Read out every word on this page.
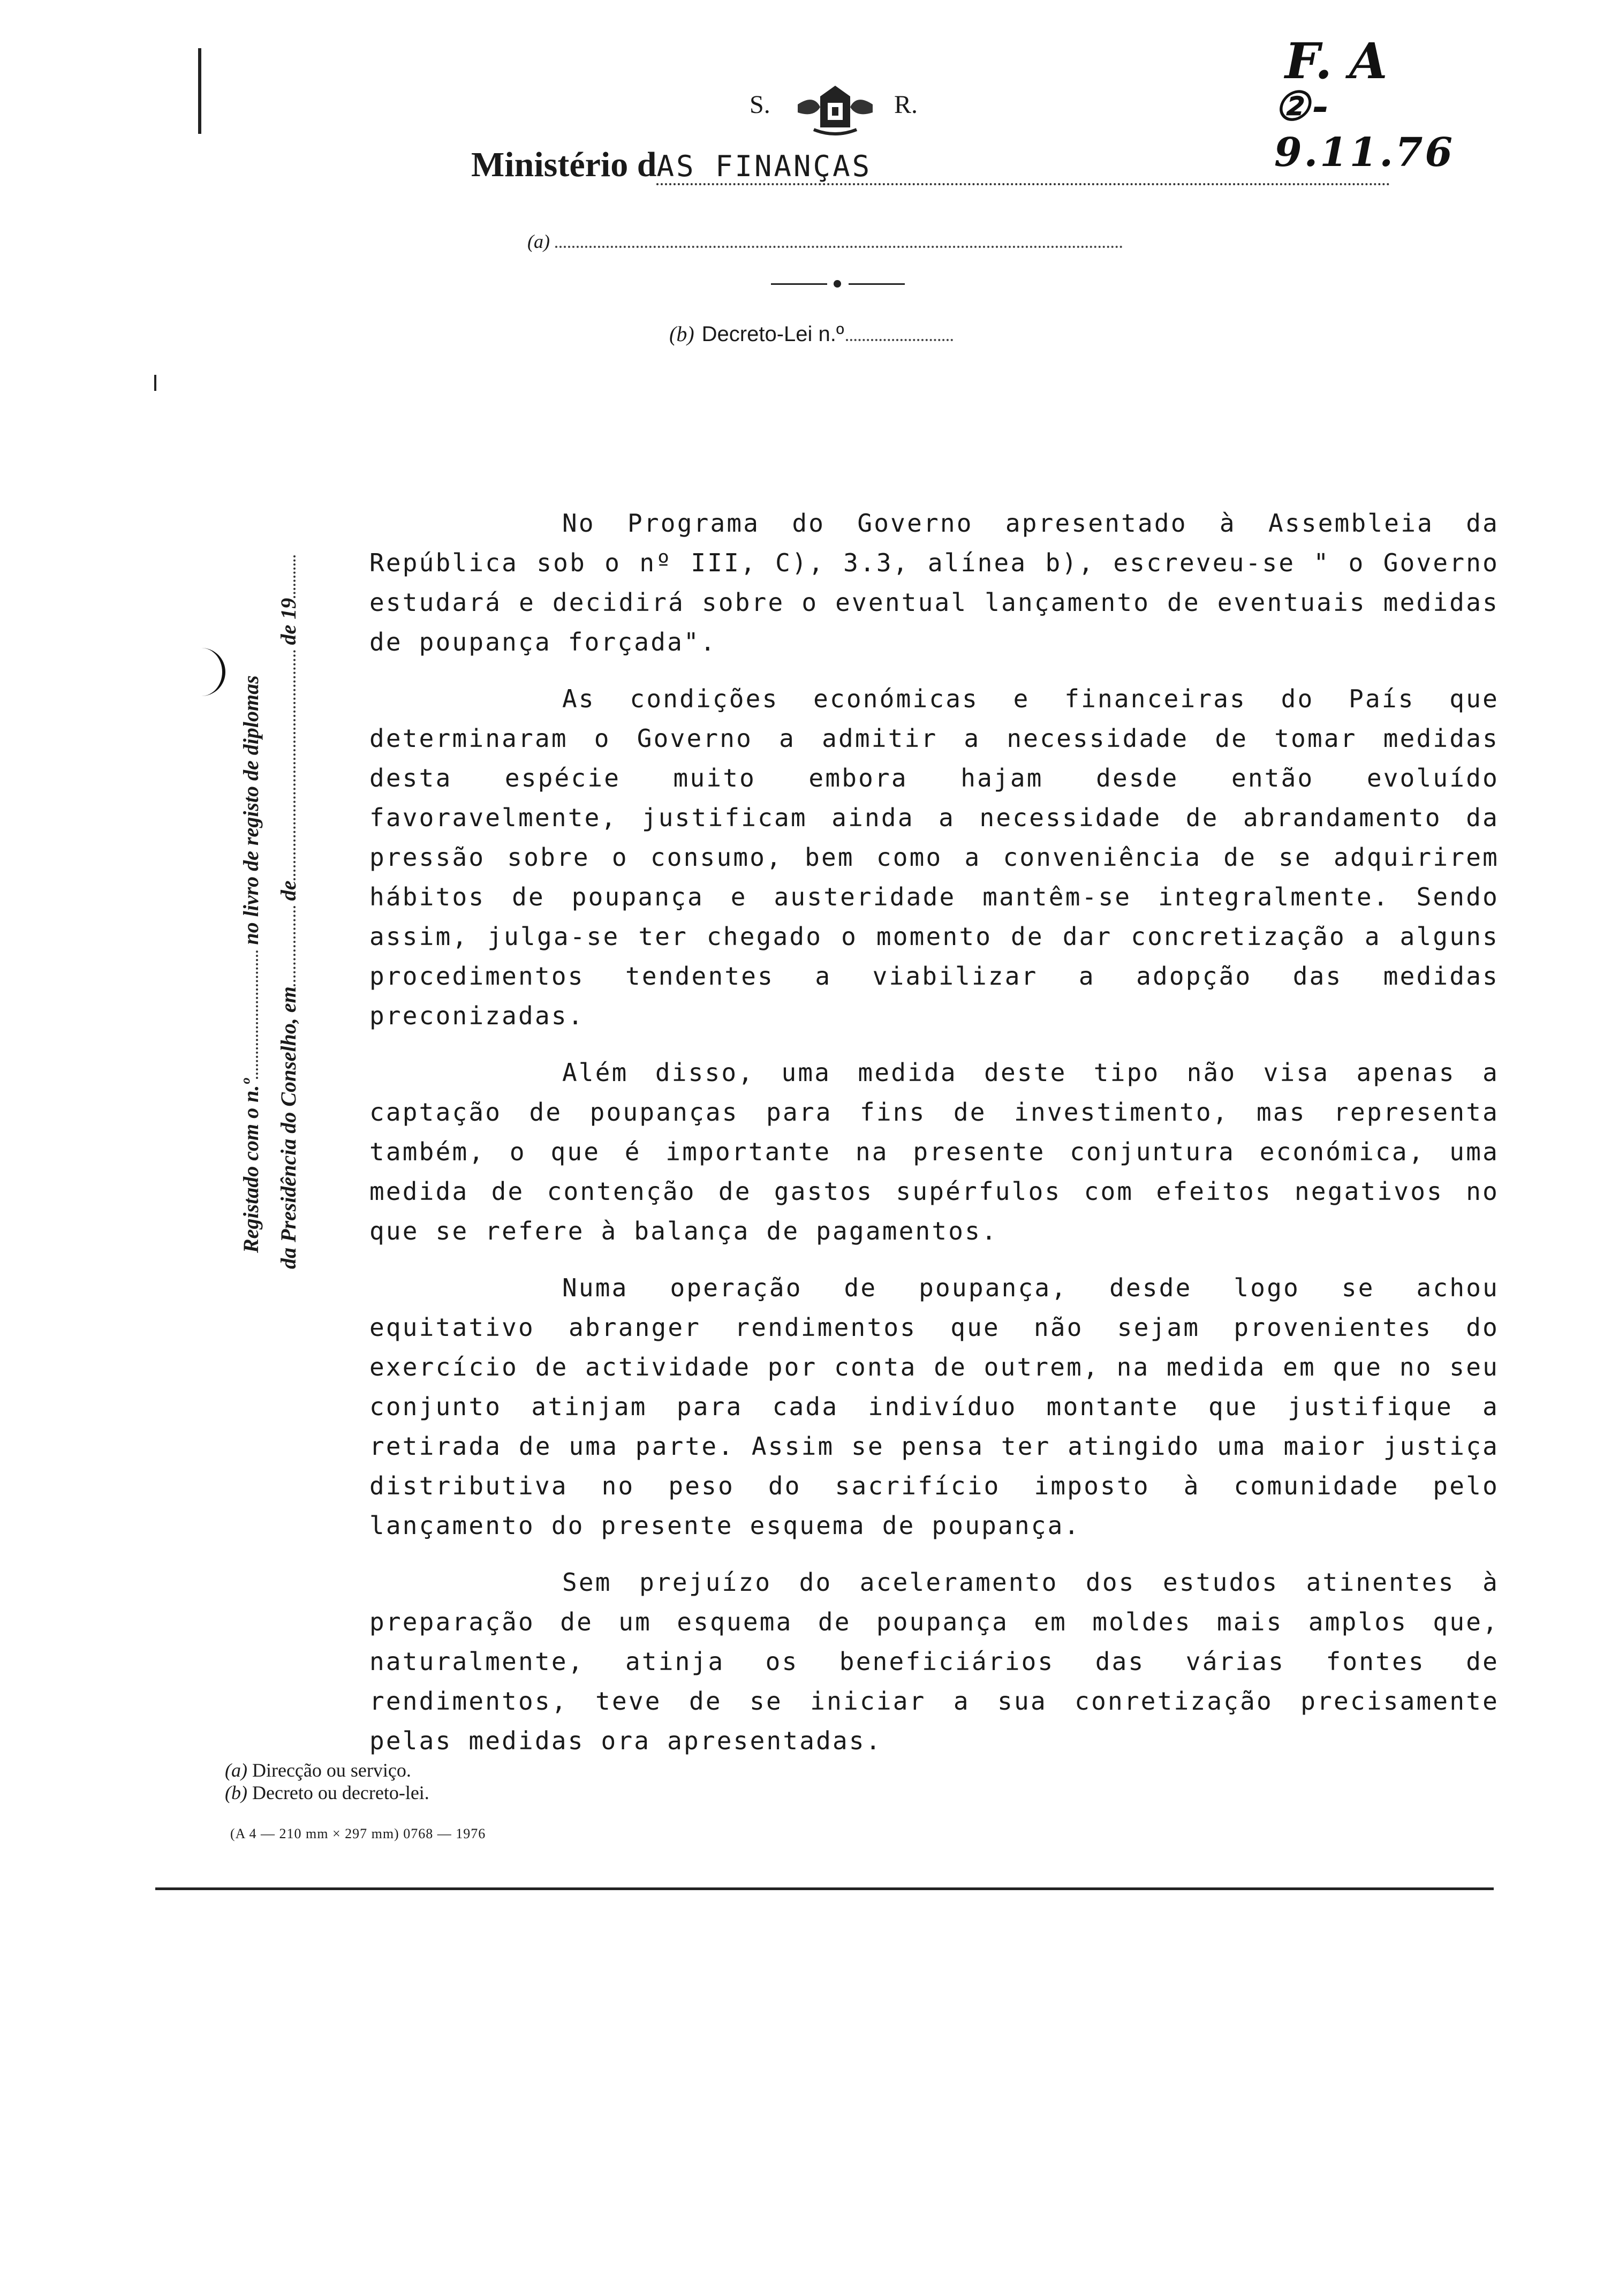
F. A
②- 9.11.76
S.	R.
Ministério dAS FINANÇAS
(a)
(b) Decreto-Lei n.º
Registado com o n.º no livro de registo de diplomas
da Presidência do Conselho, em de de 19

No Programa do Governo apresentado à Assembleia da República sob o nº III, C), 3.3, alínea b), escreveu-se " o Governo estudará e decidirá sobre o eventual lançamento de eventuais medidas de poupança forçada".

As condições económicas e financeiras do País que determinaram o Governo a admitir a necessidade de tomar medidas desta espécie muito embora hajam desde então evoluído favoravelmente, justificam ainda a necessidade de abrandamento da pressão sobre o consumo, bem como a conveniência de se adquirirem hábitos de poupança e austeridade mantêm-se integralmente. Sendo assim, julga-se ter chegado o momento de dar concretização a alguns procedimentos tendentes a viabilizar a adopção das medidas preconizadas.

Além disso, uma medida deste tipo não visa apenas a captação de poupanças para fins de investimento, mas representa também, o que é importante na presente conjuntura económica, uma medida de contenção de gastos supérfulos com efeitos negativos no que se refere à balança de pagamentos.

Numa operação de poupança, desde logo se achou equitativo abranger rendimentos que não sejam provenientes do exercício de actividade por conta de outrem, na medida em que no seu conjunto atinjam para cada indivíduo montante que justifique a retirada de uma parte. Assim se pensa ter atingido uma maior justiça distributiva no peso do sacrifício imposto à comunidade pelo lançamento do presente esquema de poupança.

Sem prejuízo do aceleramento dos estudos atinentes à preparação de um esquema de poupança em moldes mais amplos que, naturalmente, atinja os beneficiários das várias fontes de rendimentos, teve de se iniciar a sua conretização precisamente pelas medidas ora apresentadas.

(a) Direcção ou serviço.
(b) Decreto ou decreto-lei.
(A 4 — 210 mm × 297 mm) 0768 — 1976
